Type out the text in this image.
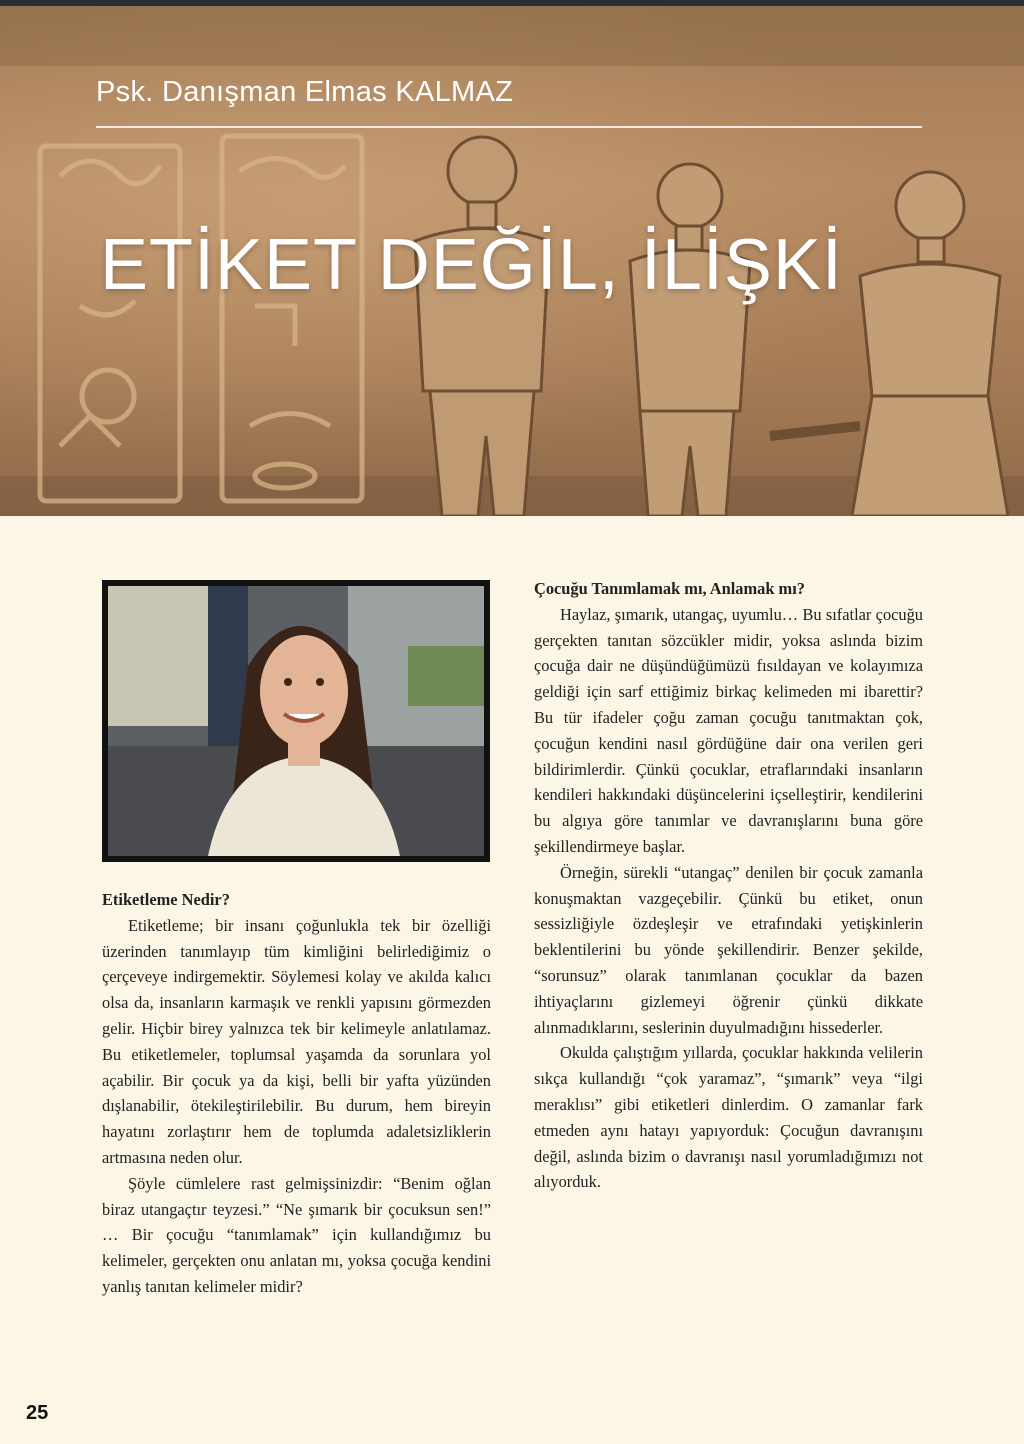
Psk. Danışman Elmas KALMAZ

ETİKET DEĞİL, İLİŞKİ
Etiketleme Nedir?

Etiketleme; bir insanı çoğunlukla tek bir özelliği üzerinden tanımlayıp tüm kimliğini belirlediğimiz o çerçeveye indirgemektir. Söylemesi kolay ve akılda kalıcı olsa da, insanların karmaşık ve renkli yapısını görmezden gelir. Hiçbir birey yalnızca tek bir kelimeyle anlatılamaz. Bu etiketlemeler, toplumsal yaşamda da sorunlara yol açabilir. Bir çocuk ya da kişi, belli bir yafta yüzünden dışlanabilir, ötekileştirilebilir. Bu durum, hem bireyin hayatını zorlaştırır hem de toplumda adaletsizliklerin artmasına neden olur.

Şöyle cümlelere rast gelmişsinizdir: “Benim oğlan biraz utangaçtır teyzesi.” “Ne şımarık bir çocuksun sen!” … Bir çocuğu “tanımlamak” için kullandığımız bu kelimeler, gerçekten onu anlatan mı, yoksa çocuğa kendini yanlış tanıtan kelimeler midir?

Çocuğu Tanımlamak mı, Anlamak mı?

Haylaz, şımarık, utangaç, uyumlu… Bu sıfatlar çocuğu gerçekten tanıtan sözcükler midir, yoksa aslında bizim çocuğa dair ne düşündüğümüzü fısıldayan ve kolayımıza geldiği için sarf ettiğimiz birkaç kelimeden mi ibarettir? Bu tür ifadeler çoğu zaman çocuğu tanıtmaktan çok, çocuğun kendini nasıl gördüğüne dair ona verilen geri bildirimlerdir. Çünkü çocuklar, etraflarındaki insanların kendileri hakkındaki düşüncelerini içselleştirir, kendilerini bu algıya göre tanımlar ve davranışlarını buna göre şekillendirmeye başlar.

Örneğin, sürekli “utangaç” denilen bir çocuk zamanla konuşmaktan vazgeçebilir. Çünkü bu etiket, onun sessizliğiyle özdeşleşir ve etrafındaki yetişkinlerin beklentilerini bu yönde şekillendirir. Benzer şekilde, “sorunsuz” olarak tanımlanan çocuklar da bazen ihtiyaçlarını gizlemeyi öğrenir çünkü dikkate alınmadıklarını, seslerinin duyulmadığını hissederler.

Okulda çalıştığım yıllarda, çocuklar hakkında velilerin sıkça kullandığı “çok yaramaz”, “şımarık” veya “ilgi meraklısı” gibi etiketleri dinlerdim. O zamanlar fark etmeden aynı hatayı yapıyorduk: Çocuğun davranışını değil, aslında bizim o davranışı nasıl yorumladığımızı not alıyorduk.

25
